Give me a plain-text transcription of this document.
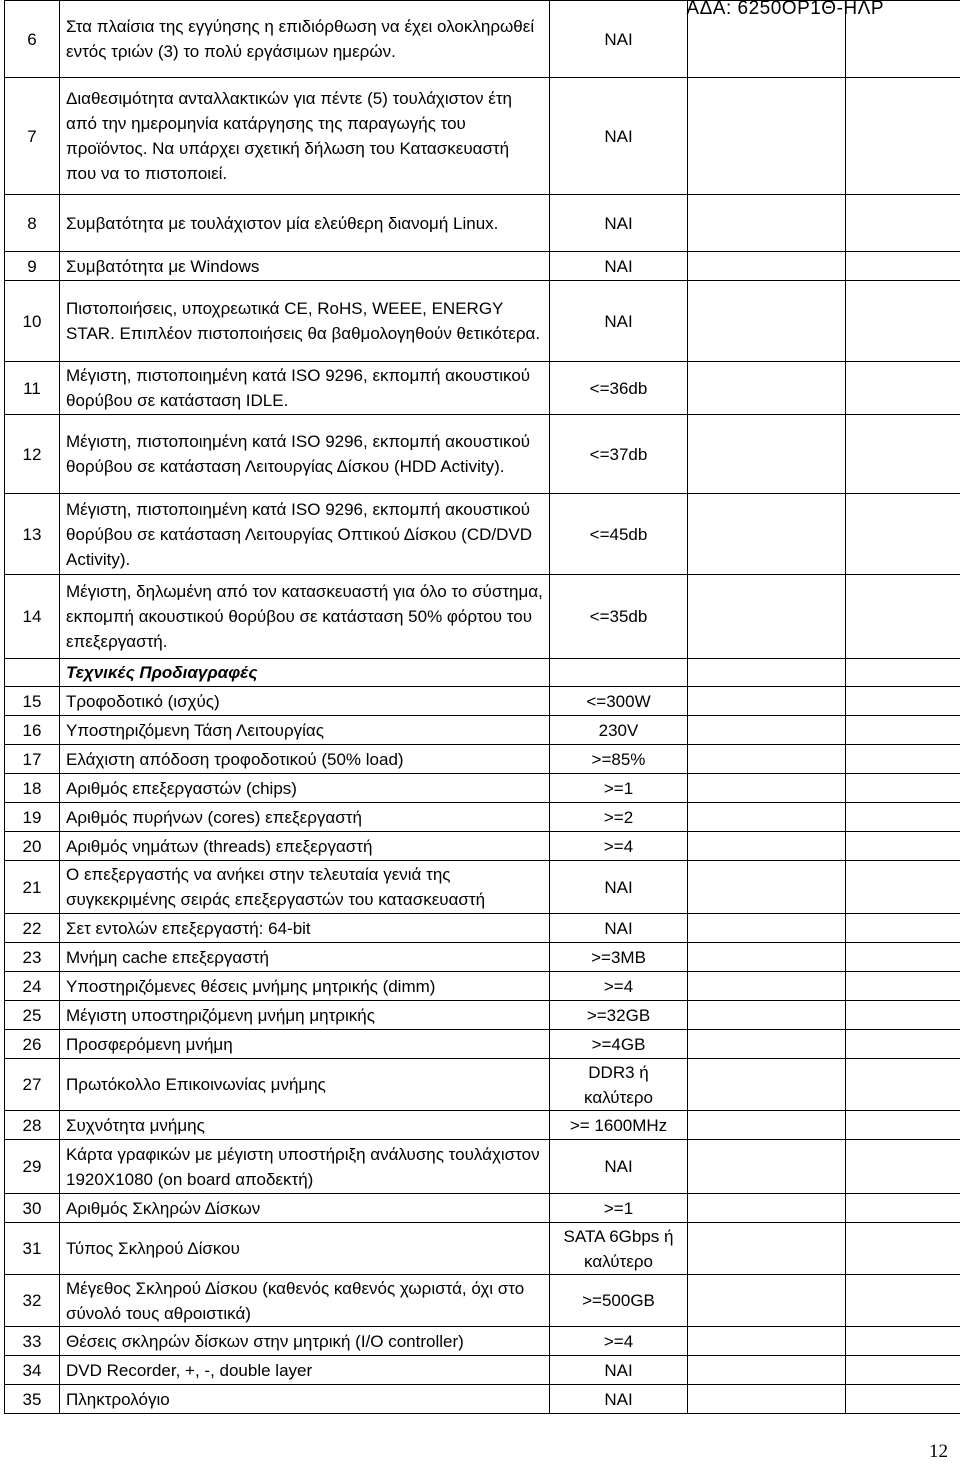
ΑΔΑ: 6250ΟΡ1Θ-ΗΛΡ
6	Στα πλαίσια της εγγύησης η επιδιόρθωση να έχει ολοκληρωθεί εντός τριών (3) το πολύ εργάσιμων ημερών.	ΝΑΙ		
7	Διαθεσιμότητα ανταλλακτικών για πέντε (5) τουλάχιστον έτη από την ημερομηνία κατάργησης της παραγωγής του προϊόντος. Να υπάρχει σχετική δήλωση του Κατασκευαστή που να το πιστοποιεί.	ΝΑΙ		
8	Συμβατότητα με τουλάχιστον μία ελεύθερη διανομή Linux.	ΝΑΙ		
9	Συμβατότητα με Windows	ΝΑΙ		
10	Πιστοποιήσεις, υποχρεωτικά CE, RoHS, WEEE, ENERGY STAR. Επιπλέον πιστοποιήσεις θα βαθμολογηθούν θετικότερα.	ΝΑΙ		
11	Μέγιστη, πιστοποιημένη κατά ISO 9296, εκπομπή ακουστικού θορύβου σε κατάσταση IDLE.	<=36db		
12	Μέγιστη, πιστοποιημένη κατά ISO 9296, εκπομπή ακουστικού θορύβου σε κατάσταση Λειτουργίας Δίσκου (HDD Activity).	<=37db		
13	Μέγιστη, πιστοποιημένη κατά ISO 9296, εκπομπή ακουστικού θορύβου σε κατάσταση Λειτουργίας Οπτικού Δίσκου (CD/DVD Activity).	<=45db		
14	Μέγιστη, δηλωμένη από τον κατασκευαστή για όλο το σύστημα, εκπομπή ακουστικού θορύβου σε κατάσταση 50% φόρτου του επεξεργαστή.	<=35db		
	Τεχνικές Προδιαγραφές			
15	Τροφοδοτικό (ισχύς)	<=300W		
16	Υποστηριζόμενη Τάση Λειτουργίας	230V		
17	Ελάχιστη απόδοση τροφοδοτικού (50% load)	>=85%		
18	Αριθμός επεξεργαστών (chips)	>=1		
19	Αριθμός πυρήνων (cores) επεξεργαστή	>=2		
20	Αριθμός νημάτων (threads) επεξεργαστή	>=4		
21	Ο επεξεργαστής να ανήκει στην τελευταία γενιά της συγκεκριμένης σειράς επεξεργαστών του κατασκευαστή	ΝΑΙ		
22	Σετ εντολών επεξεργαστή: 64-bit	ΝΑΙ		
23	Μνήμη cache επεξεργαστή	>=3MB		
24	Υποστηριζόμενες θέσεις μνήμης μητρικής (dimm)	>=4		
25	Μέγιστη υποστηριζόμενη μνήμη μητρικής	>=32GB		
26	Προσφερόμενη μνήμη	>=4GB		
27	Πρωτόκολλο Επικοινωνίας μνήμης	DDR3 ή καλύτερο		
28	Συχνότητα μνήμης	>= 1600MHz		
29	Κάρτα γραφικών με μέγιστη υποστήριξη ανάλυσης τουλάχιστον 1920X1080 (on board αποδεκτή)	ΝΑΙ		
30	Αριθμός Σκληρών Δίσκων	>=1		
31	Τύπος Σκληρού Δίσκου	SATA 6Gbps ή καλύτερο		
32	Μέγεθος Σκληρού Δίσκου (καθενός καθενός χωριστά, όχι στο σύνολό τους αθροιστικά)	>=500GB		
33	Θέσεις σκληρών δίσκων στην μητρική (I/O controller)	>=4		
34	DVD Recorder, +, -, double layer	ΝΑΙ		
35	Πληκτρολόγιο	ΝΑΙ		
12
